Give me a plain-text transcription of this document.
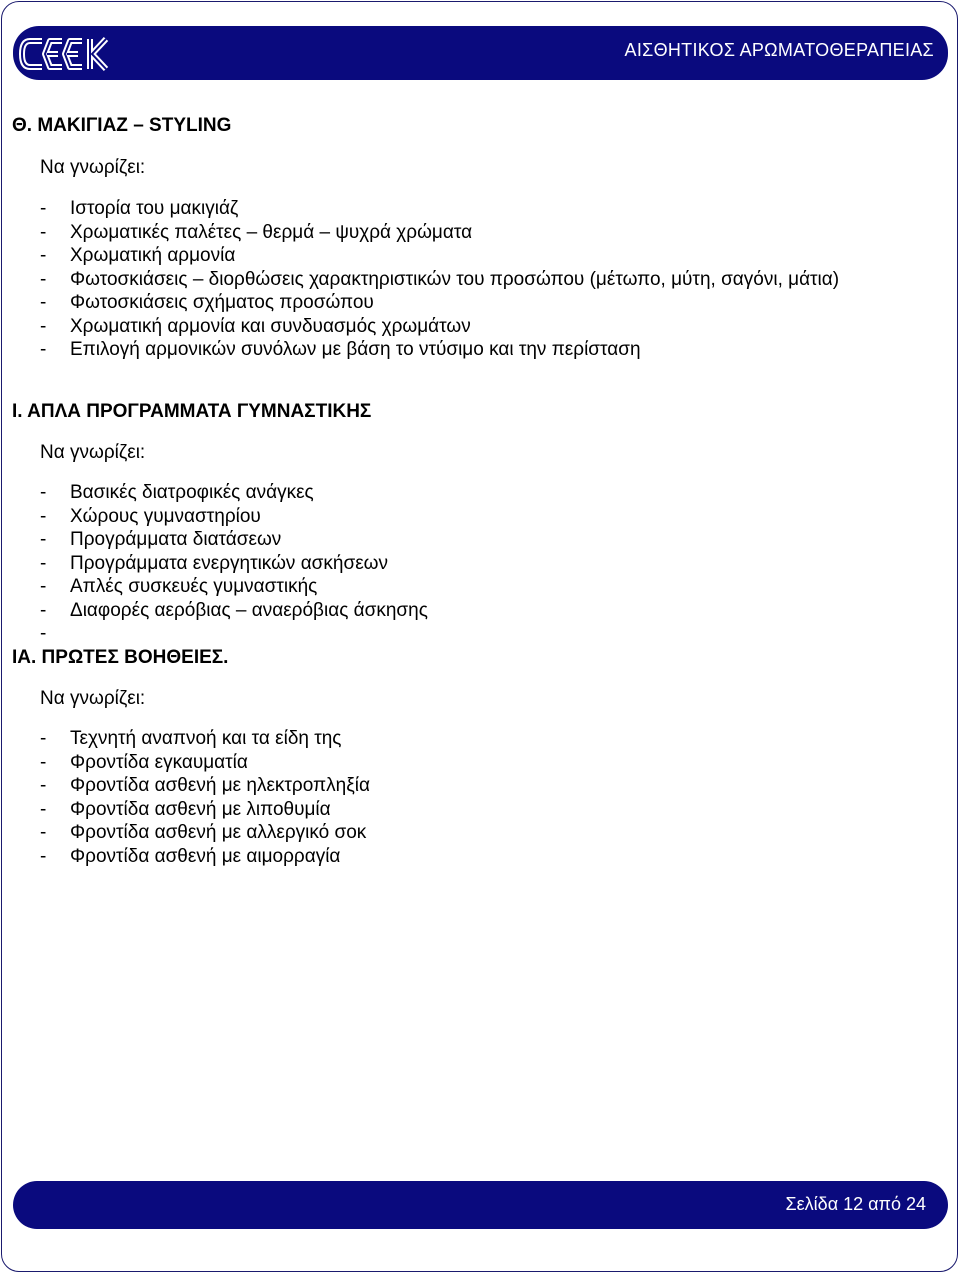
ΑΙΣΘΗΤΙΚΟΣ ΑΡΩΜΑΤΟΘΕΡΑΠΕΙΑΣ
Θ. ΜΑΚΙΓΙΑΖ – STYLING
Να γνωρίζει:
- Ιστορία του μακιγιάζ
- Χρωματικές παλέτες – θερμά – ψυχρά χρώματα
- Χρωματική αρμονία
- Φωτοσκιάσεις – διορθώσεις χαρακτηριστικών του προσώπου (μέτωπο, μύτη, σαγόνι, μάτια)
- Φωτοσκιάσεις σχήματος προσώπου
- Χρωματική αρμονία και συνδυασμός χρωμάτων
- Επιλογή αρμονικών συνόλων με βάση το ντύσιμο και την περίσταση
Ι. ΑΠΛΑ ΠΡΟΓΡΑΜΜΑΤΑ ΓΥΜΝΑΣΤΙΚΗΣ
Να γνωρίζει:
- Βασικές διατροφικές ανάγκες
- Χώρους γυμναστηρίου
- Προγράμματα διατάσεων
- Προγράμματα ενεργητικών ασκήσεων
- Απλές συσκευές γυμναστικής
- Διαφορές αερόβιας – αναερόβιας άσκησης
-
ΙΑ. ΠΡΩΤΕΣ ΒΟΗΘΕΙΕΣ.
Να γνωρίζει:
- Τεχνητή αναπνοή και τα είδη της
- Φροντίδα εγκαυματία
- Φροντίδα ασθενή με ηλεκτροπληξία
- Φροντίδα ασθενή με λιποθυμία
- Φροντίδα ασθενή με αλλεργικό σοκ
- Φροντίδα ασθενή με αιμορραγία
Σελίδα 12 από 24
